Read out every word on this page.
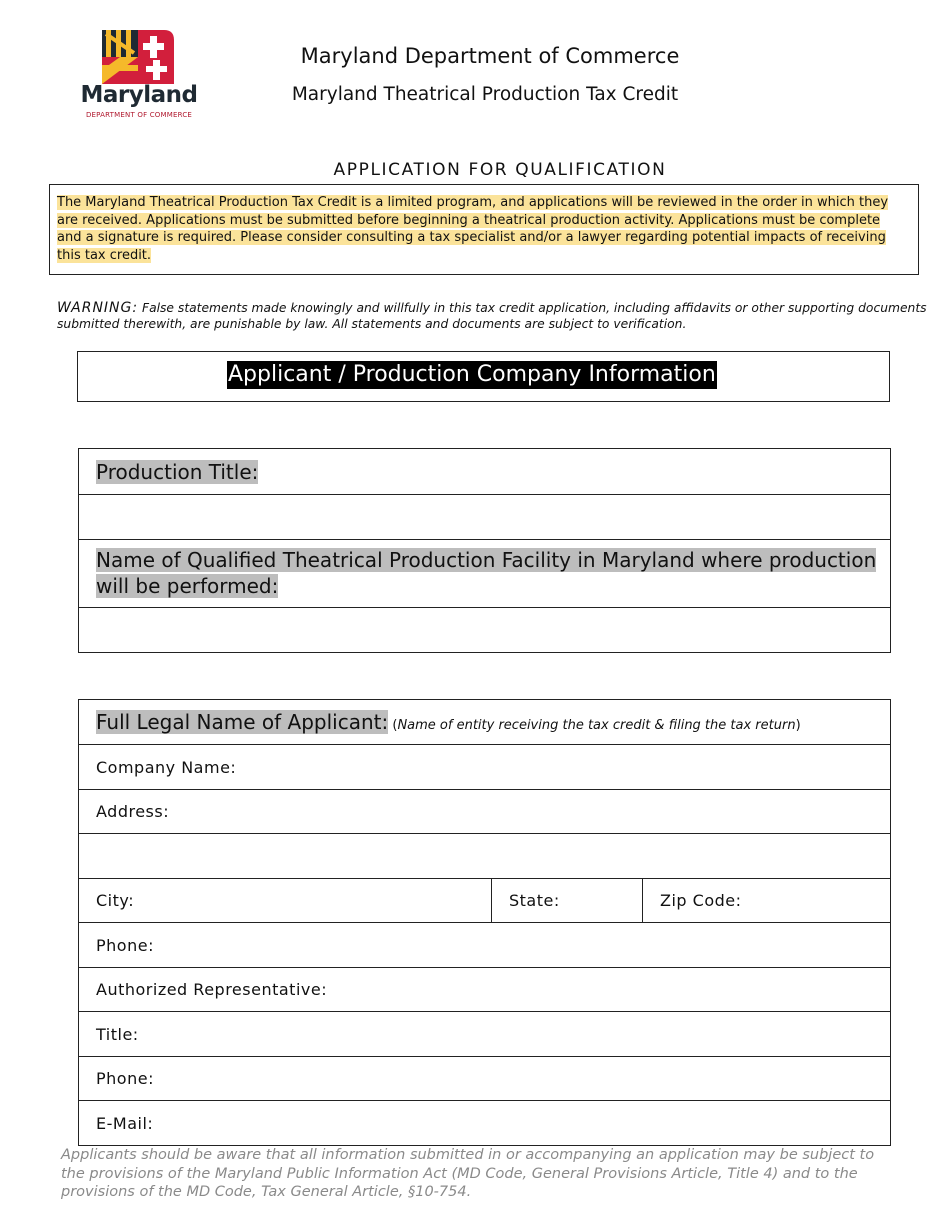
Maryland
DEPARTMENT OF COMMERCE
Maryland Department of Commerce
Maryland Theatrical Production Tax Credit
APPLICATION FOR QUALIFICATION

The Maryland Theatrical Production Tax Credit is a limited program, and applications will be reviewed in the order in which they are received. Applications must be submitted before beginning a theatrical production activity. Applications must be complete and a signature is required. Please consider consulting a tax specialist and/or a lawyer regarding potential impacts of receiving this tax credit.

WARNING: False statements made knowingly and willfully in this tax credit application, including affidavits or other supporting documents submitted therewith, are punishable by law. All statements and documents are subject to verification.
Applicant / Production Company Information
Production Title:

Name of Qualified Theatrical Production Facility in Maryland where production will be performed:

Full Legal Name of Applicant: (Name of entity receiving the tax credit & filing the tax return)
Company Name:
Address:

City:	State:	Zip Code:
Phone:
Authorized Representative:
Title:
Phone:
E-Mail:
Applicants should be aware that all information submitted in or accompanying an application may be subject to the provisions of the Maryland Public Information Act (MD Code, General Provisions Article, Title 4) and to the provisions of the MD Code, Tax General Article, §10-754.
